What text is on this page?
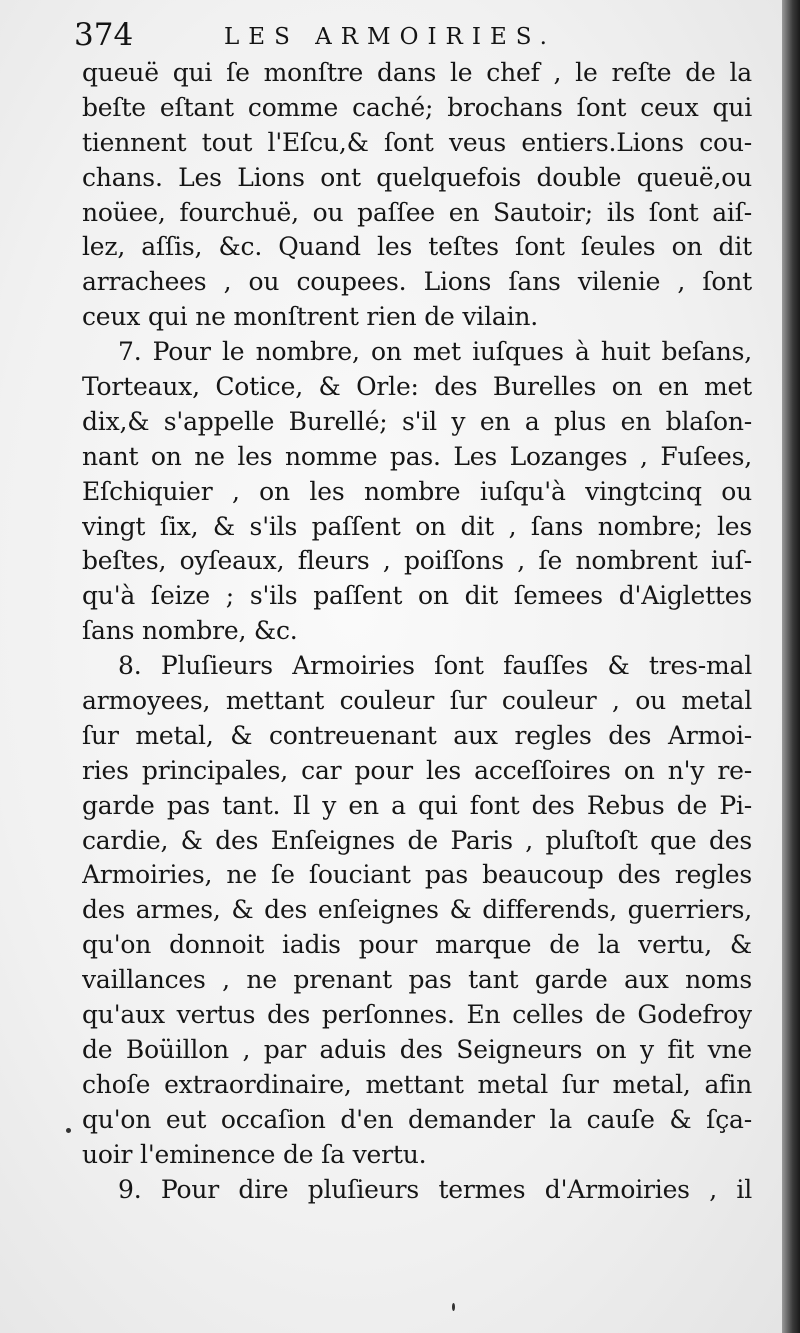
374	LES ARMOIRIES.
queuë qui ſe monſtre dans le chef , le reſte de la
beſte eſtant comme caché; brochans ſont ceux qui
tiennent tout l'Eſcu,& ſont veus entiers.Lions cou-
chans. Les Lions ont quelquefois double queuë,ou
noüee, fourchuë, ou paſſee en Sautoir; ils ſont aiſ-
lez, aſſis, &c. Quand les teſtes ſont ſeules on dit
arrachees , ou coupees. Lions ſans vilenie , ſont
ceux qui ne monſtrent rien de vilain.
7. Pour le nombre, on met iuſques à huit beſans,
Torteaux, Cotice, & Orle: des Burelles on en met
dix,& s'appelle Burellé; s'il y en a plus en blaſon-
nant on ne les nomme pas. Les Lozanges , Fuſees,
Eſchiquier , on les nombre iuſqu'à vingtcinq ou
vingt ſix, & s'ils paſſent on dit , ſans nombre; les
beſtes, oyſeaux, fleurs , poiſſons , ſe nombrent iuſ-
qu'à ſeize ; s'ils paſſent on dit ſemees d'Aiglettes
ſans nombre, &c.
8. Pluſieurs Armoiries ſont fauſſes & tres-mal
armoyees, mettant couleur ſur couleur , ou metal
ſur metal, & contreuenant aux regles des Armoi-
ries principales, car pour les acceſſoires on n'y re-
garde pas tant. Il y en a qui font des Rebus de Pi-
cardie, & des Enſeignes de Paris , pluſtoſt que des
Armoiries, ne ſe ſouciant pas beaucoup des regles
des armes, & des enſeignes & differends, guerriers,
qu'on donnoit iadis pour marque de la vertu, &
vaillances , ne prenant pas tant garde aux noms
qu'aux vertus des perſonnes. En celles de Godefroy
de Boüillon , par aduis des Seigneurs on y fit vne
choſe extraordinaire, mettant metal ſur metal, afin
qu'on eut occaſion d'en demander la cauſe & ſça-
uoir l'eminence de ſa vertu.
9. Pour dire pluſieurs termes d'Armoiries , il
